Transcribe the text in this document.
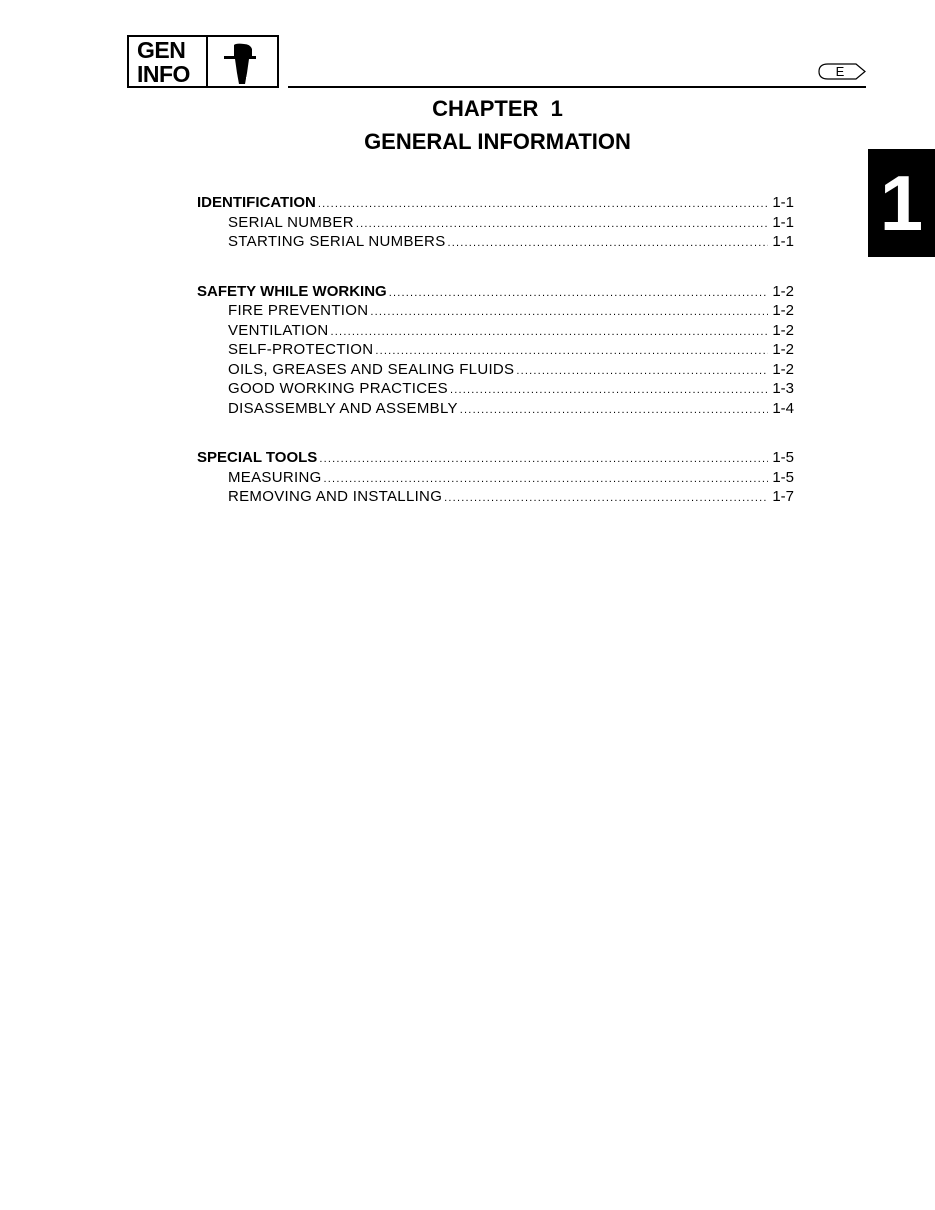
GEN
INFO	E
1
CHAPTER  1
GENERAL INFORMATION
IDENTIFICATION .....	1-1
SERIAL NUMBER .....	1-1
STARTING SERIAL NUMBERS .....	1-1
SAFETY WHILE WORKING .....	1-2
FIRE PREVENTION .....	1-2
VENTILATION .....	1-2
SELF-PROTECTION .....	1-2
OILS, GREASES AND SEALING FLUIDS .....	1-2
GOOD WORKING PRACTICES .....	1-3
DISASSEMBLY AND ASSEMBLY .....	1-4
SPECIAL TOOLS .....	1-5
MEASURING .....	1-5
REMOVING AND INSTALLING .....	1-7
